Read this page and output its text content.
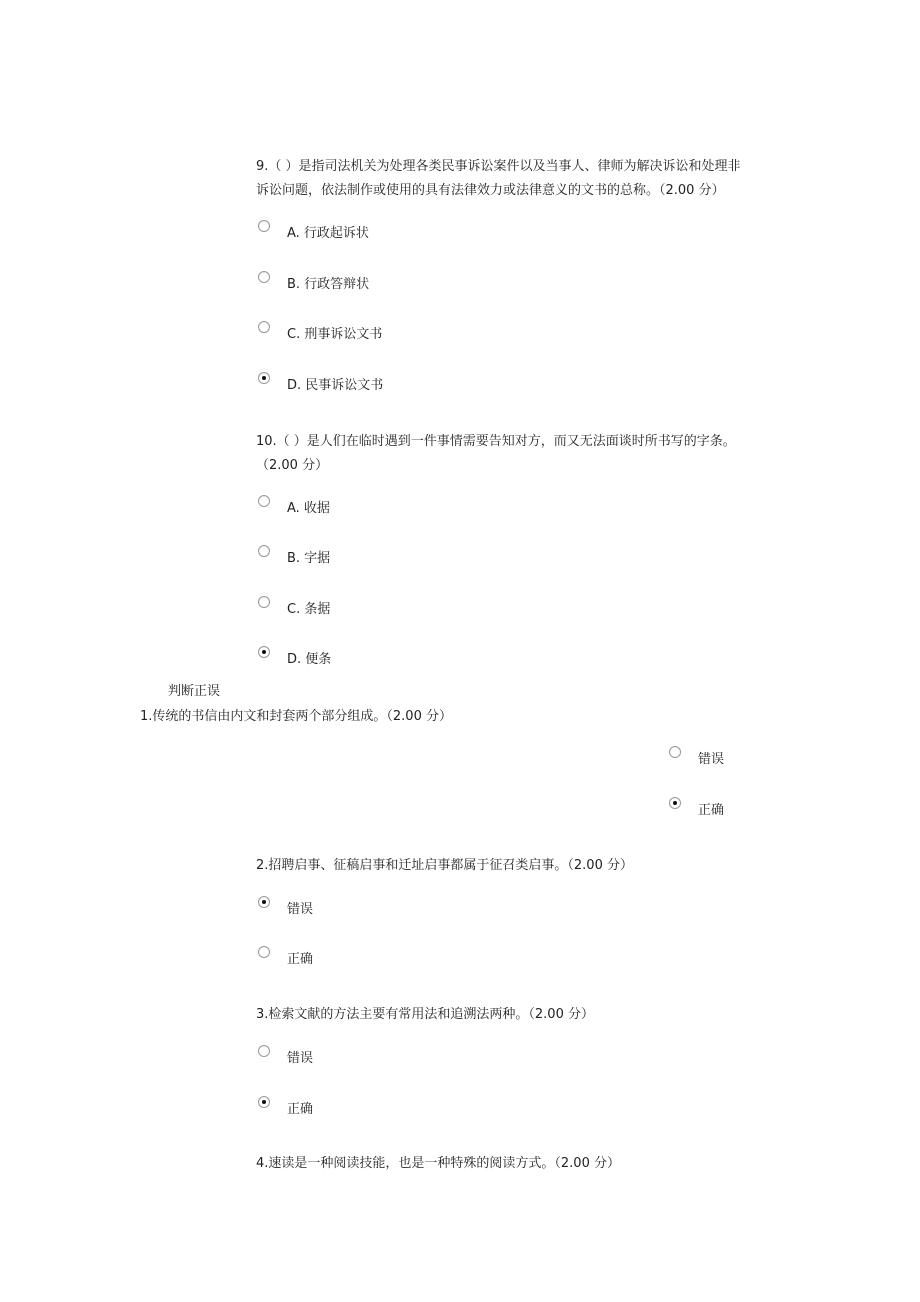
9.（ ）是指司法机关为处理各类民事诉讼案件以及当事人、律师为解决诉讼和处理非
诉讼问题，依法制作或使用的具有法律效力或法律意义的文书的总称。（2.00 分）
A. 行政起诉状
B. 行政答辩状
C. 刑事诉讼文书
D. 民事诉讼文书
10.（ ）是人们在临时遇到一件事情需要告知对方，而又无法面谈时所书写的字条。
（2.00 分）
A. 收据
B. 字据
C. 条据
D. 便条
判断正误
1.传统的书信由内文和封套两个部分组成。（2.00 分）
错误
正确
2.招聘启事、征稿启事和迁址启事都属于征召类启事。（2.00 分）
错误
正确
3.检索文献的方法主要有常用法和追溯法两种。（2.00 分）
错误
正确
4.速读是一种阅读技能，也是一种特殊的阅读方式。（2.00 分）
